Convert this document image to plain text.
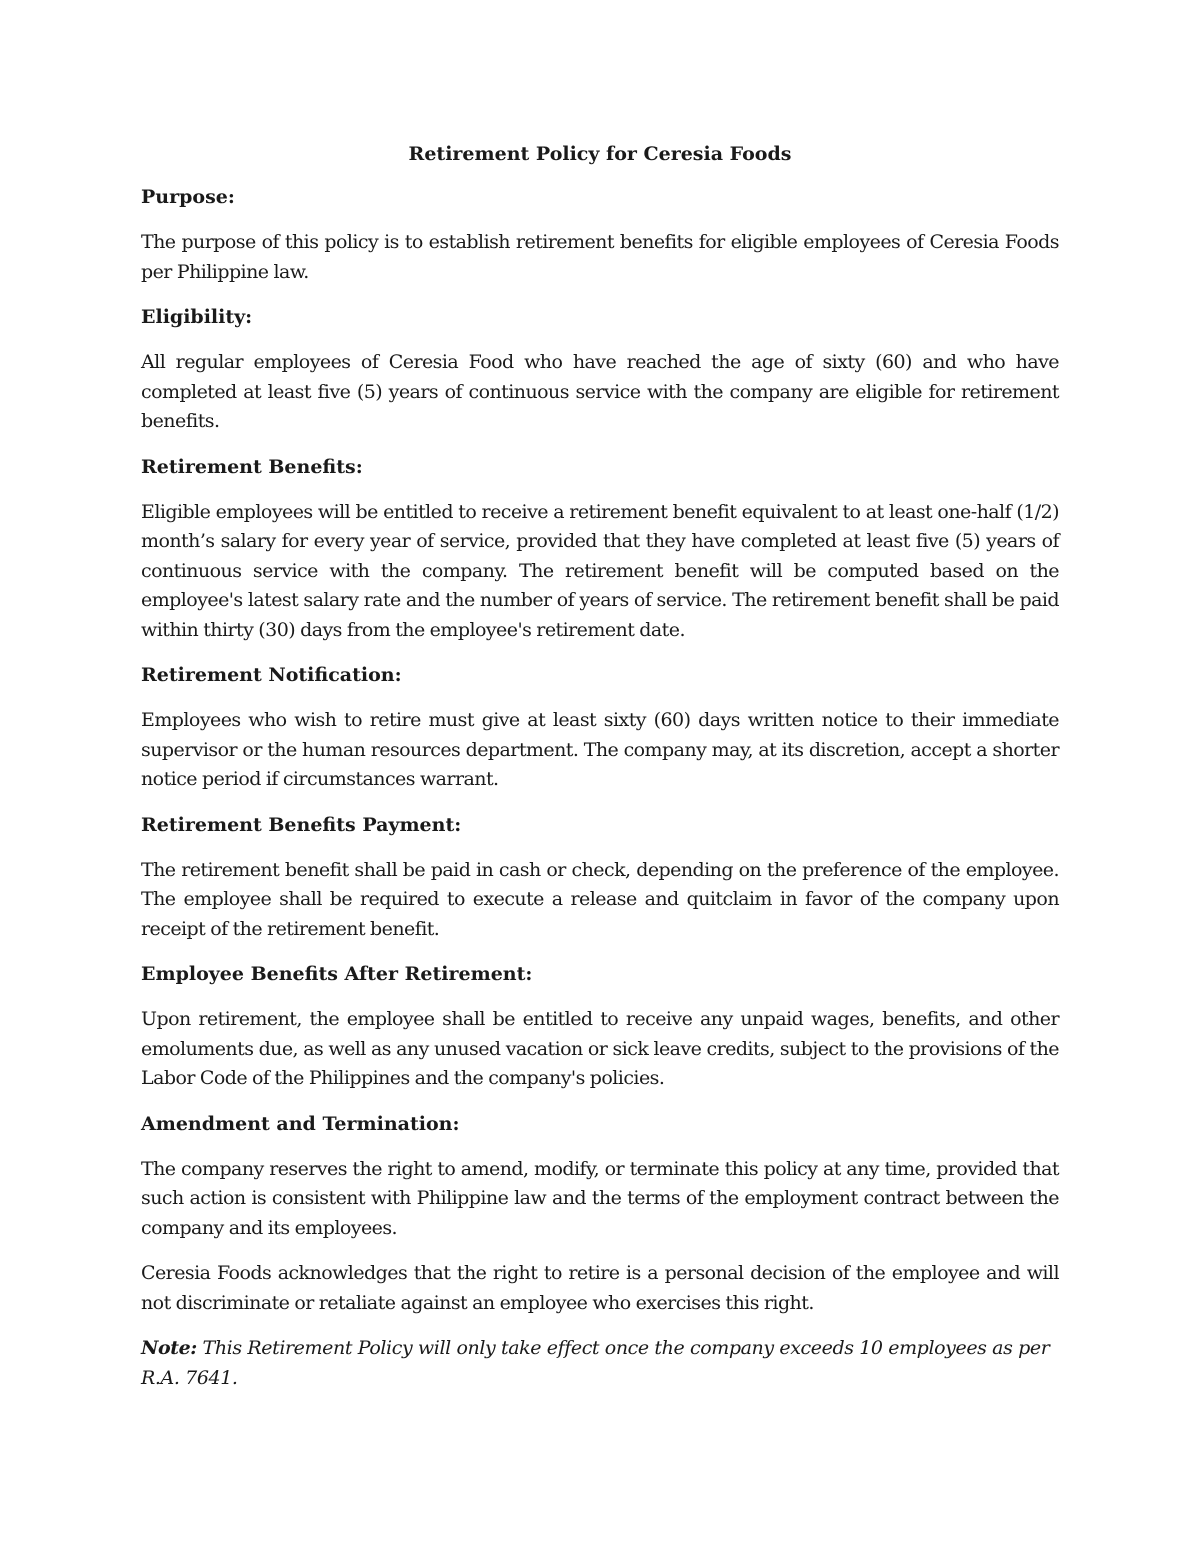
Retirement Policy for Ceresia Foods
Purpose:

The purpose of this policy is to establish retirement benefits for eligible employees of Ceresia Foods per Philippine law.

Eligibility:

All regular employees of Ceresia Food who have reached the age of sixty (60) and who have completed at least five (5) years of continuous service with the company are eligible for retirement benefits.

Retirement Benefits:

Eligible employees will be entitled to receive a retirement benefit equivalent to at least one-half (1/2) month’s salary for every year of service, provided that they have completed at least five (5) years of continuous service with the company. The retirement benefit will be computed based on the employee's latest salary rate and the number of years of service. The retirement benefit shall be paid within thirty (30) days from the employee's retirement date.

Retirement Notification:

Employees who wish to retire must give at least sixty (60) days written notice to their immediate supervisor or the human resources department. The company may, at its discretion, accept a shorter notice period if circumstances warrant.

Retirement Benefits Payment:

The retirement benefit shall be paid in cash or check, depending on the preference of the employee. The employee shall be required to execute a release and quitclaim in favor of the company upon receipt of the retirement benefit.

Employee Benefits After Retirement:

Upon retirement, the employee shall be entitled to receive any unpaid wages, benefits, and other emoluments due, as well as any unused vacation or sick leave credits, subject to the provisions of the Labor Code of the Philippines and the company's policies.

Amendment and Termination:

The company reserves the right to amend, modify, or terminate this policy at any time, provided that such action is consistent with Philippine law and the terms of the employment contract between the company and its employees.

Ceresia Foods acknowledges that the right to retire is a personal decision of the employee and will not discriminate or retaliate against an employee who exercises this right.

Note: This Retirement Policy will only take effect once the company exceeds 10 employees as per R.A. 7641.
